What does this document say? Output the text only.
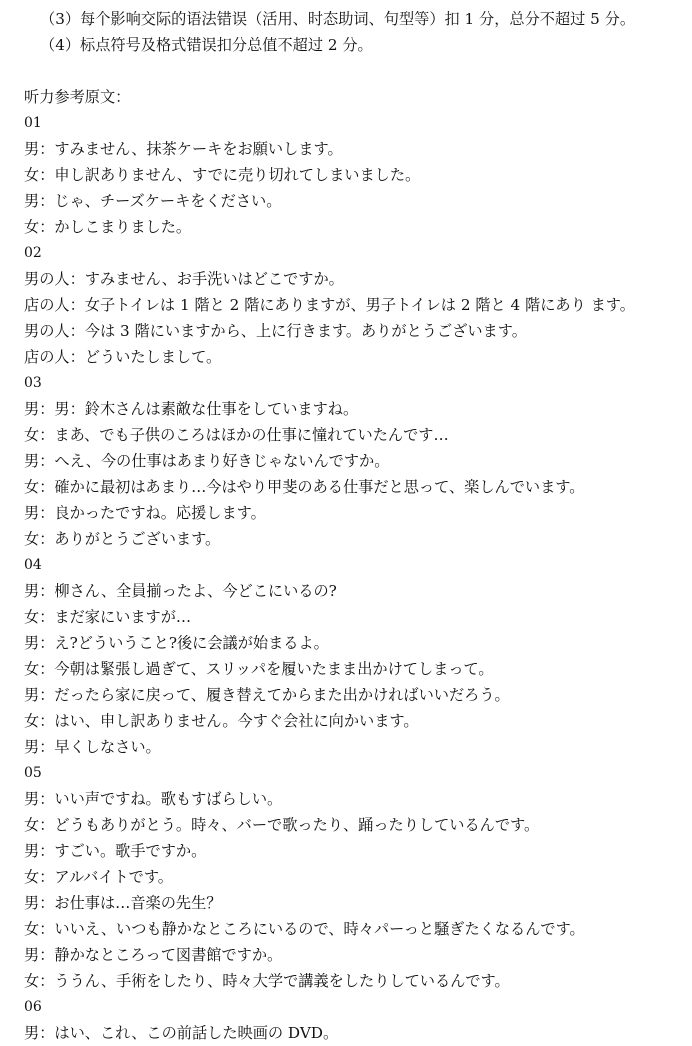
（3）每个影响交际的语法错误（活用、时态助词、句型等）扣 1 分，总分不超过 5 分。
（4）标点符号及格式错误扣分总值不超过 2 分。
听力参考原文：
01
男：すみません、抹茶ケーキをお願いします。
女：申し訳ありません、すでに売り切れてしまいました。
男：じゃ、チーズケーキをください。
女：かしこまりました。
02
男の人：すみません、お手洗いはどこですか。
店の人：女子トイレは 1 階と 2 階にありますが、男子トイレは 2 階と 4 階にあり ます。
男の人：今は 3 階にいますから、上に行きます。ありがとうございます。
店の人：どういたしまして。
03
男：男：鈴木さんは素敵な仕事をしていますね。
女：まあ、でも子供のころはほかの仕事に憧れていたんです…
男：へえ、今の仕事はあまり好きじゃないんですか。
女：確かに最初はあまり…今はやり甲斐のある仕事だと思って、楽しんでいます。
男：良かったですね。応援します。
女：ありがとうございます。
04
男：柳さん、全員揃ったよ、今どこにいるの?
女：まだ家にいますが…
男：え?どういうこと?後に会議が始まるよ。
女：今朝は緊張し過ぎて、スリッパを履いたまま出かけてしまって。
男：だったら家に戻って、履き替えてからまた出かければいいだろう。
女：はい、申し訳ありません。今すぐ会社に向かいます。
男：早くしなさい。
05
男：いい声ですね。歌もすばらしい。
女：どうもありがとう。時々、バーで歌ったり、踊ったりしているんです。
男：すごい。歌手ですか。
女：アルバイトです。
男：お仕事は…音楽の先生？
女：いいえ、いつも静かなところにいるので、時々パーっと騒ぎたくなるんです。
男：静かなところって図書館ですか。
女：ううん、手術をしたり、時々大学で講義をしたりしているんです。
06
男：はい、これ、この前話した映画の DVD。
